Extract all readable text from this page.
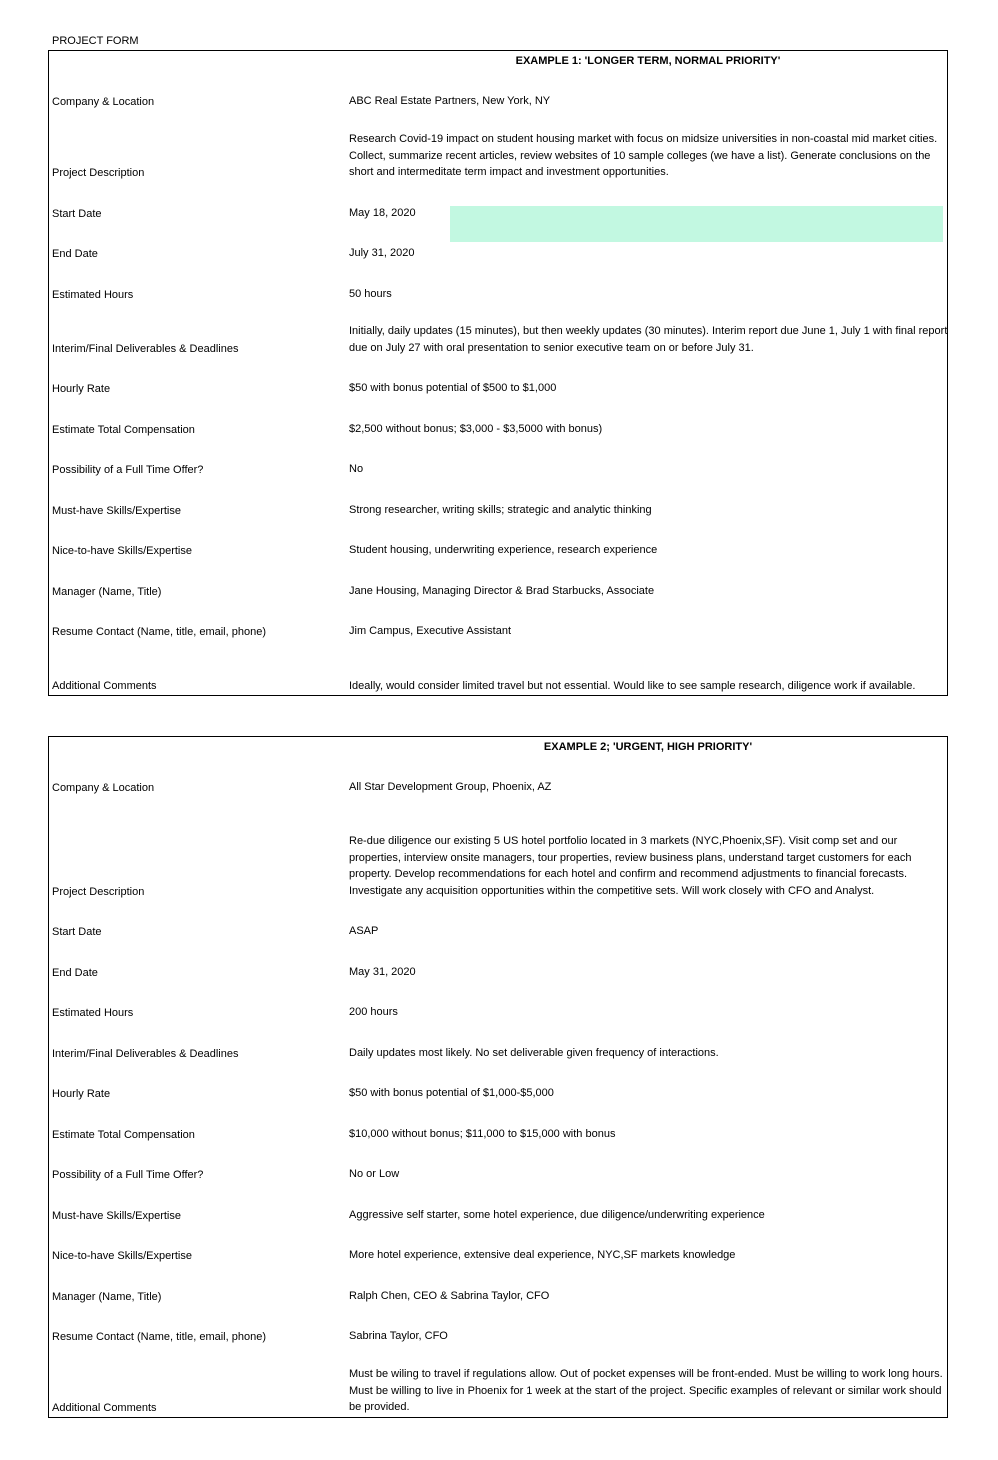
PROJECT FORM
EXAMPLE 1: 'LONGER TERM, NORMAL PRIORITY'
Company & Location	ABC Real Estate Partners, New York, NY
Project Description
Research Covid-19 impact on student housing market with focus on midsize universities in non-coastal mid market cities. Collect, summarize recent articles, review websites of 10 sample colleges (we have a list). Generate conclusions on the short and intermeditate term impact and investment opportunities.
Start Date	May 18, 2020
End Date	July 31, 2020
Estimated Hours	50 hours
Interim/Final Deliverables & Deadlines
Initially, daily updates (15 minutes), but then weekly updates (30 minutes). Interim report due June 1, July 1 with final report due on July 27 with oral presentation to senior executive team on or before July 31.
Hourly Rate	$50 with bonus potential of $500 to $1,000
Estimate Total Compensation	$2,500 without bonus; $3,000 - $3,5000 with bonus)
Possibility of a Full Time Offer?	No
Must-have Skills/Expertise	Strong researcher, writing skills; strategic and analytic thinking
Nice-to-have Skills/Expertise	Student housing, underwriting experience, research experience
Manager (Name, Title)	Jane Housing, Managing Director & Brad Starbucks, Associate
Resume Contact (Name, title, email, phone)	Jim Campus, Executive Assistant
Additional Comments	Ideally, would consider limited travel but not essential. Would like to see sample research, diligence work if available.
EXAMPLE 2; 'URGENT, HIGH PRIORITY'
Company & Location	All Star Development Group, Phoenix, AZ
Project Description
Re-due diligence our existing 5 US hotel portfolio located in 3 markets (NYC,Phoenix,SF). Visit comp set and our properties, interview onsite managers, tour properties, review business plans, understand target customers for each property. Develop recommendations for each hotel and confirm and recommend adjustments to financial forecasts. Investigate any acquisition opportunities within the competitive sets. Will work closely with CFO and Analyst.
Start Date	ASAP
End Date	May 31, 2020
Estimated Hours	200 hours
Interim/Final Deliverables & Deadlines	Daily updates most likely. No set deliverable given frequency of interactions.
Hourly Rate	$50 with bonus potential of $1,000-$5,000
Estimate Total Compensation	$10,000 without bonus; $11,000 to $15,000 with bonus
Possibility of a Full Time Offer?	No or Low
Must-have Skills/Expertise	Aggressive self starter, some hotel experience, due diligence/underwriting experience
Nice-to-have Skills/Expertise	More hotel experience, extensive deal experience, NYC,SF markets knowledge
Manager (Name, Title)	Ralph Chen, CEO & Sabrina Taylor, CFO
Resume Contact (Name, title, email, phone)	Sabrina Taylor, CFO
Additional Comments
Must be wiling to travel if regulations allow. Out of pocket expenses will be front-ended. Must be willing to work long hours. Must be willing to live in Phoenix for 1 week at the start of the project. Specific examples of relevant or similar work should be provided.
